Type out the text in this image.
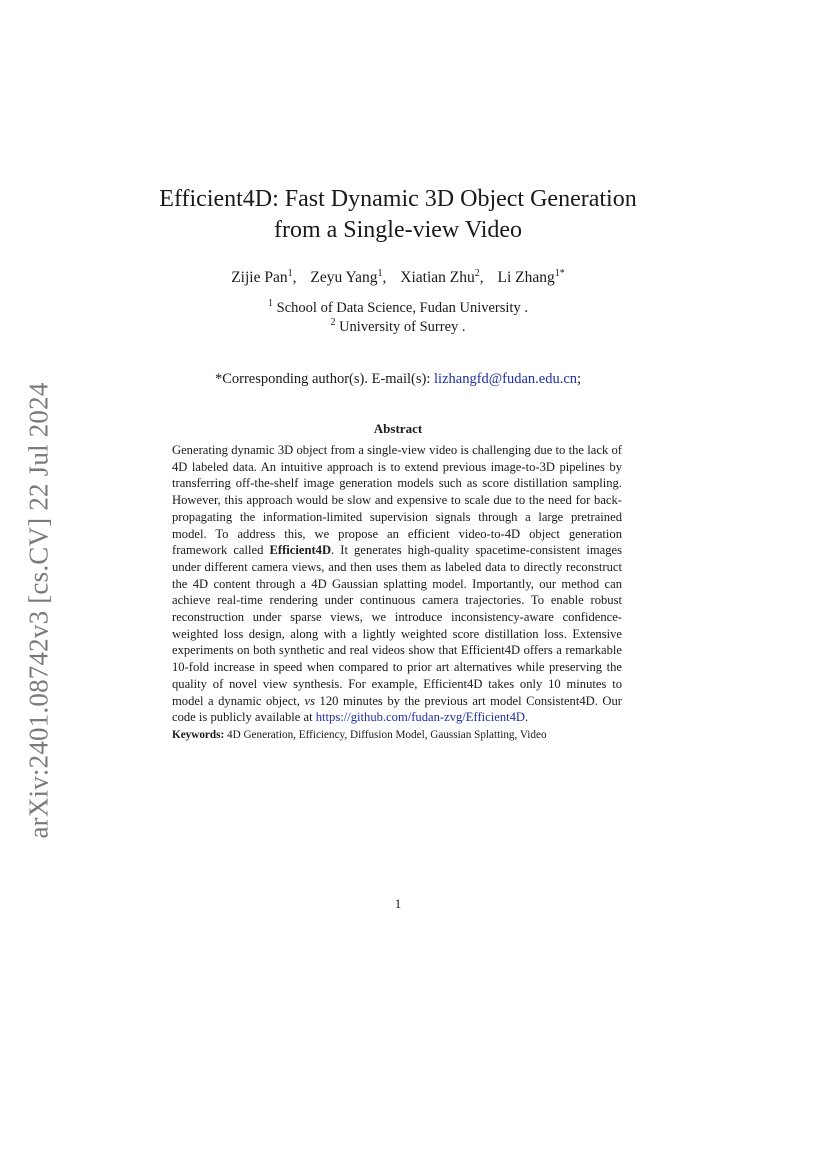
arXiv:2401.08742v3 [cs.CV] 22 Jul 2024
Efficient4D: Fast Dynamic 3D Object Generation
from a Single-view Video
Zijie Pan$^1$, Zeyu Yang$^1$, Xiatian Zhu$^2$, Li Zhang$^{1*}$
$^1$ School of Data Science, Fudan University .
$^2$ University of Surrey .
*Corresponding author(s). E-mail(s): lizhangfd@fudan.edu.cn;
Abstract
Generating dynamic 3D object from a single-view video is challenging due to the lack of 4D labeled data. An intuitive approach is to extend previous image-to-3D pipelines by transferring off-the-shelf image generation models such as score distillation sampling. However, this approach would be slow and expensive to scale due to the need for back-propagating the information-limited supervision signals through a large pretrained model. To address this, we propose an efficient video-to-4D object generation framework called Efficient4D. It generates high-quality spacetime-consistent images under different camera views, and then uses them as labeled data to directly reconstruct the 4D content through a 4D Gaussian splatting model. Importantly, our method can achieve real-time rendering under continuous camera trajectories. To enable robust reconstruction under sparse views, we introduce inconsistency-aware confidence-weighted loss design, along with a lightly weighted score distillation loss. Extensive experiments on both synthetic and real videos show that Efficient4D offers a remarkable 10-fold increase in speed when compared to prior art alternatives while preserving the quality of novel view synthesis. For example, Efficient4D takes only 10 minutes to model a dynamic object, vs 120 minutes by the previous art model Consistent4D. Our code is publicly available at https://github.com/fudan-zvg/Efficient4D.
Keywords: 4D Generation, Efficiency, Diffusion Model, Gaussian Splatting, Video
1
